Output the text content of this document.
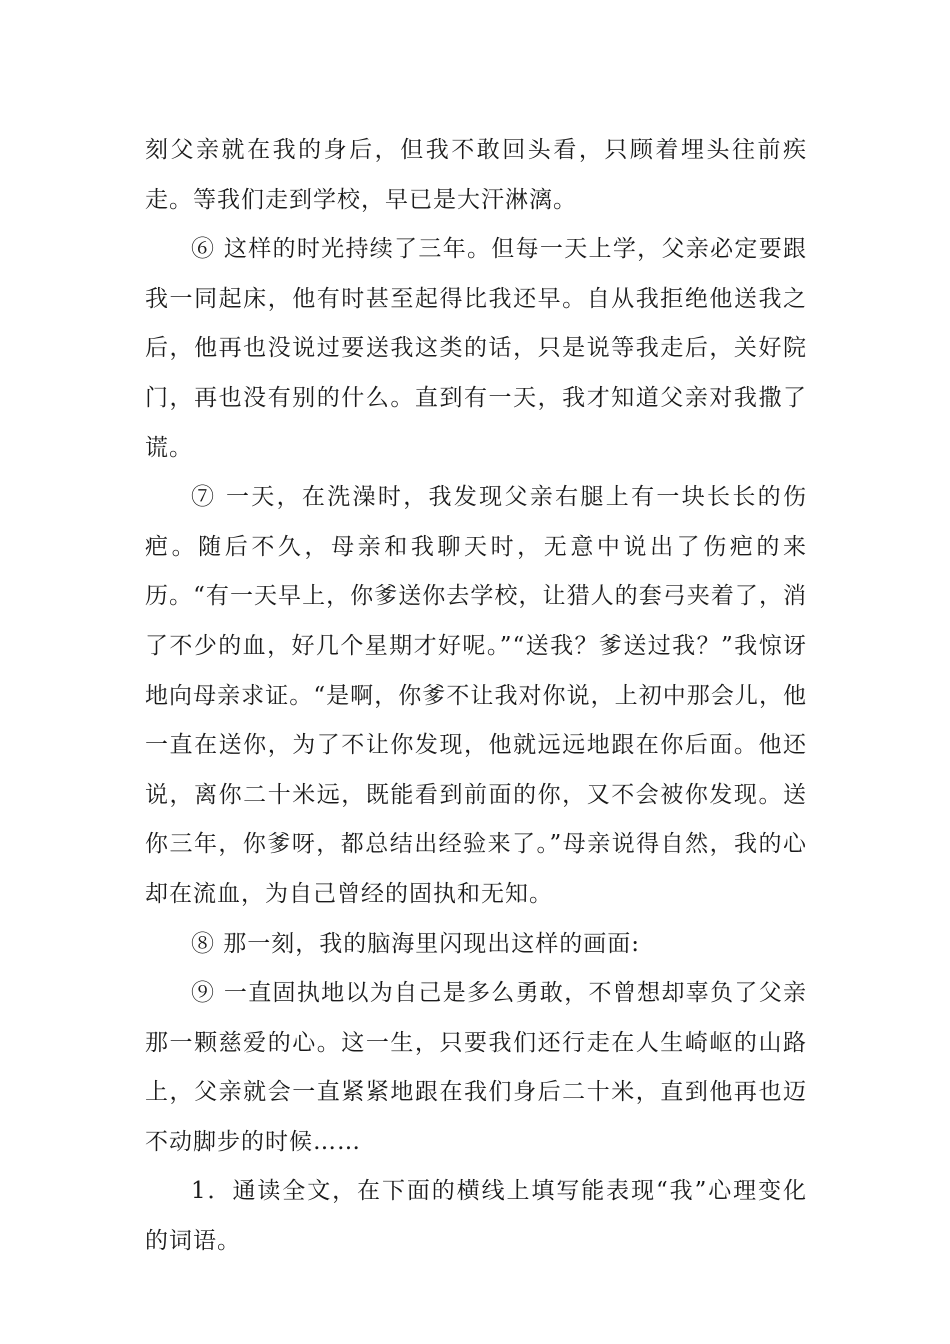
刻父亲就在我的身后，但我不敢回头看，只顾着埋头往前疾走。等我们走到学校，早已是大汗淋漓。

⑥ 这样的时光持续了三年。但每一天上学，父亲必定要跟我一同起床，他有时甚至起得比我还早。自从我拒绝他送我之后，他再也没说过要送我这类的话，只是说等我走后，关好院门，再也没有别的什么。直到有一天，我才知道父亲对我撒了谎。

⑦ 一天，在洗澡时，我发现父亲右腿上有一块长长的伤疤。随后不久，母亲和我聊天时，无意中说出了伤疤的来历。“有一天早上，你爹送你去学校，让猎人的套弓夹着了，消了不少的血，好几个星期才好呢。”“送我？爹送过我？”我惊讶地向母亲求证。“是啊，你爹不让我对你说，上初中那会儿，他一直在送你，为了不让你发现，他就远远地跟在你后面。他还说，离你二十米远，既能看到前面的你，又不会被你发现。送你三年，你爹呀，都总结出经验来了。”母亲说得自然，我的心却在流血，为自己曾经的固执和无知。

⑧ 那一刻，我的脑海里闪现出这样的画面:

⑨ 一直固执地以为自己是多么勇敢，不曾想却辜负了父亲那一颗慈爱的心。这一生，只要我们还行走在人生崎岖的山路上，父亲就会一直紧紧地跟在我们身后二十米，直到他再也迈不动脚步的时候……

1．通读全文，在下面的横线上填写能表现“我”心理变化的词语。
